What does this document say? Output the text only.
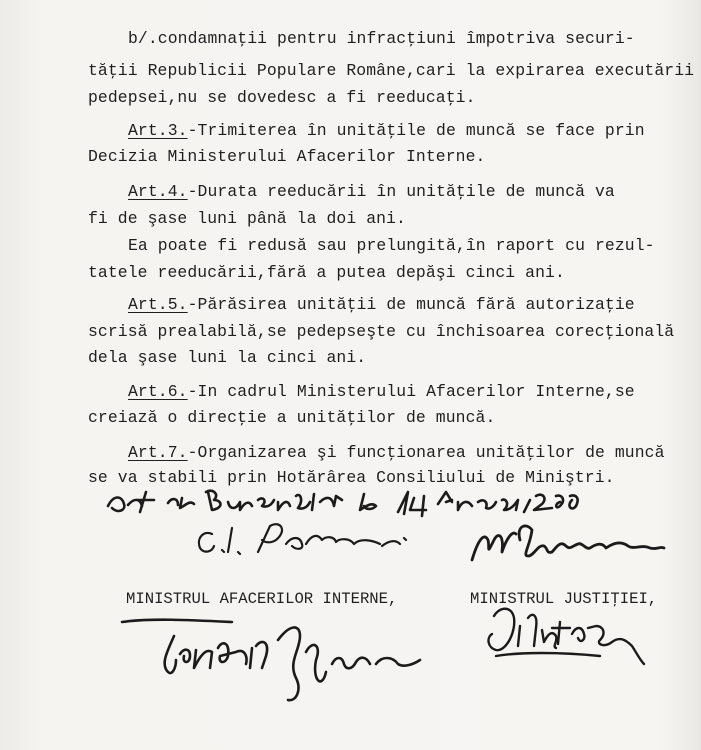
b/.condamnaţii pentru infracţiuni împotriva securi-
tăţii Republicii Populare Române,cari la expirarea executării
pedepsei,nu se dovedesc a fi reeducaţi.
Art.3.-Trimiterea în unităţile de muncă se face prin
Decizia Ministerului Afacerilor Interne.
Art.4.-Durata reeducării în unităţile de muncă va
fi de şase luni până la doi ani.
Ea poate fi redusă sau prelungită,în raport cu rezul-
tatele reeducării,fără a putea depăşi cinci ani.
Art.5.-Părăsirea unităţii de muncă fără autorizaţie
scrisă prealabilă,se pedepseşte cu închisoarea corecţională
dela şase luni la cinci ani.
Art.6.-In cadrul Ministerului Afacerilor Interne,se
creiază o direcţie a unităţilor de muncă.
Art.7.-Organizarea şi funcţionarea unităţilor de muncă
se va stabili prin Hotărârea Consiliului de Miniştri.
MINISTRUL AFACERILOR INTERNE,	MINISTRUL JUSTIŢIEI,
